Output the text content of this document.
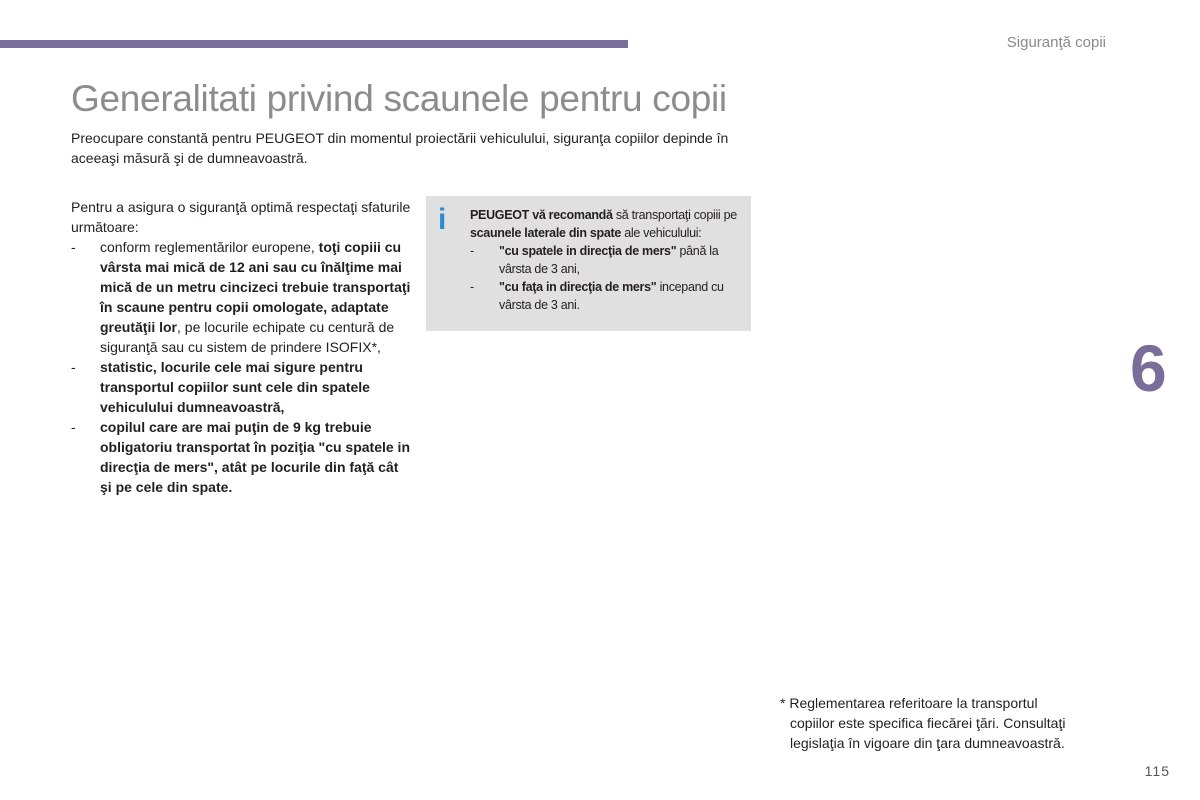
Siguranţă copii
Generalitati privind scaunele pentru copii

Preocupare constantă pentru PEUGEOT din momentul proiectării vehiculului, siguranţa copiilor depinde în aceeaşi măsură şi de dumneavoastră.

Pentru a asigura o siguranţă optimă respectaţi sfaturile următoare:

- conform reglementărilor europene, toţi copiii cu vârsta mai mică de 12 ani sau cu înălţime mai mică de un metru cincizeci trebuie transportaţi în scaune pentru copii omologate, adaptate greutăţii lor, pe locurile echipate cu centură de siguranţă sau cu sistem de prindere ISOFIX*,
- statistic, locurile cele mai sigure pentru transportul copiilor sunt cele din spatele vehiculului dumneavoastră,
- copilul care are mai puţin de 9 kg trebuie obligatoriu transportat în poziţia "cu spatele in direcţia de mers", atât pe locurile din faţă cât şi pe cele din spate.
i PEUGEOT vă recomandă să transportaţi copiii pe scaunele laterale din spate ale vehiculului:

- "cu spatele in direcţia de mers" până la vârsta de 3 ani,
- "cu faţa in direcţia de mers" incepand cu vârsta de 3 ani.
6
* Reglementarea referitoare la transportul
copiilor este specifica fiecărei ţări. Consultaţi
legislaţia în vigoare din ţara dumneavoastră.
115
